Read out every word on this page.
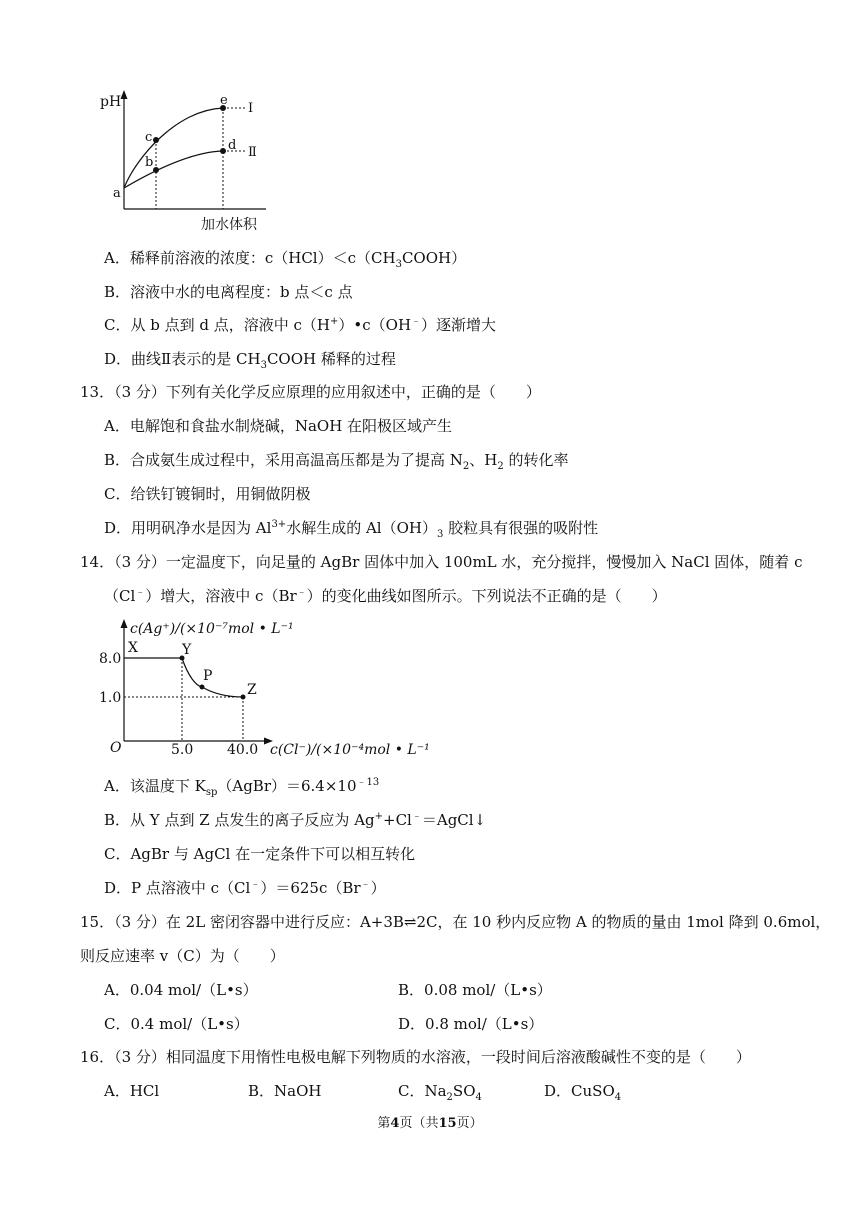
pH
加水体积
a
b
c
e
d
Ⅰ
Ⅱ
A．稀释前溶液的浓度：$c(HCl)<c(CH_3COOH)$
B．溶液中水的电离程度：b 点＜c 点
C．从 b 点到 d 点，溶液中 c（H+）•c（OH﹣）逐渐增大
D．曲线Ⅱ表示的是 $CH_3COOH$ 稀释的过程
13．（3 分）下列有关化学反应原理的应用叙述中，正确的是（　　）
A．电解饱和食盐水制烧碱，NaOH 在阳极区域产生
B．合成氨生成过程中，采用高温高压都是为了提高 $N_2$、$H_2$ 的转化率
C．给铁钉镀铜时，用铜做阴极
D．用明矾净水是因为 $Al^{3+}$水解生成的 $Al(OH)_3$ 胶粒具有很强的吸附性
14．（3 分）一定温度下，向足量的 AgBr 固体中加入 100mL 水，充分搅拌，慢慢加入 NaCl 固体，随着 c
（Cl﹣）增大，溶液中 c（Br﹣）的变化曲线如图所示。下列说法不正确的是（　　）
c(Ag⁺)/(×10⁻⁷mol • L⁻¹
c(Cl⁻)/(×10⁻⁴mol • L⁻¹
O
8.0
1.0
5.0 40.0
X	Y
P
Z
A．该温度下 $K_{sp}(AgBr)=6.4\times 10^{﹣13}$
B．从 Y 点到 Z 点发生的离子反应为 Ag++Cl﹣＝AgCl↓
C．AgBr 与 AgCl 在一定条件下可以相互转化
D．P 点溶液中 c（Cl﹣）＝625c（Br﹣）
15．（3 分）在 2L 密闭容器中进行反应：A+3B⇌2C，在 10 秒内反应物 A 的物质的量由 1mol 降到 0.6mol，
则反应速率 v（C）为（　　）
A．0.04 mol/（L•s）	B．0.08 mol/（L•s）
C．0.4 mol/（L•s）	D．0.8 mol/（L•s）
16．（3 分）相同温度下用惰性电极电解下列物质的水溶液，一段时间后溶液酸碱性不变的是（　　）
A．HCl	B．NaOH	C．$Na_2SO_4$	D．CuSO$_4$
第4页（共15页）
